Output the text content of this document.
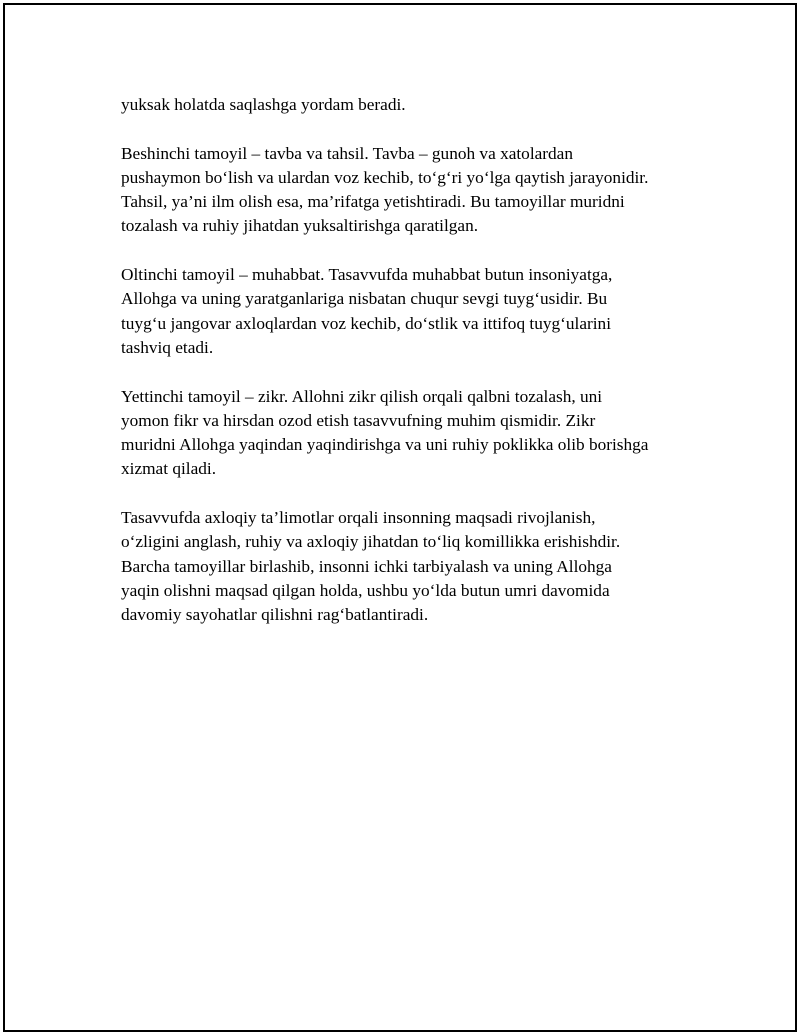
yuksak holatda saqlashga yordam beradi.

Beshinchi tamoyil – tavba va tahsil. Tavba – gunoh va xatolardan
pushaymon bo‘lish va ulardan voz kechib, to‘g‘ri yo‘lga qaytish jarayonidir.
Tahsil, ya’ni ilm olish esa, ma’rifatga yetishtiradi. Bu tamoyillar muridni
tozalash va ruhiy jihatdan yuksaltirishga qaratilgan.

Oltinchi tamoyil – muhabbat. Tasavvufda muhabbat butun insoniyatga,
Allohga va uning yaratganlariga nisbatan chuqur sevgi tuyg‘usidir. Bu
tuyg‘u jangovar axloqlardan voz kechib, do‘stlik va ittifoq tuyg‘ularini
tashviq etadi.

Yettinchi tamoyil – zikr. Allohni zikr qilish orqali qalbni tozalash, uni
yomon fikr va hirsdan ozod etish tasavvufning muhim qismidir. Zikr
muridni Allohga yaqindan yaqindirishga va uni ruhiy poklikka olib borishga
xizmat qiladi.

Tasavvufda axloqiy ta’limotlar orqali insonning maqsadi rivojlanish,
o‘zligini anglash, ruhiy va axloqiy jihatdan to‘liq komillikka erishishdir.
Barcha tamoyillar birlashib, insonni ichki tarbiyalash va uning Allohga
yaqin olishni maqsad qilgan holda, ushbu yo‘lda butun umri davomida
davomiy sayohatlar qilishni rag‘batlantiradi.
